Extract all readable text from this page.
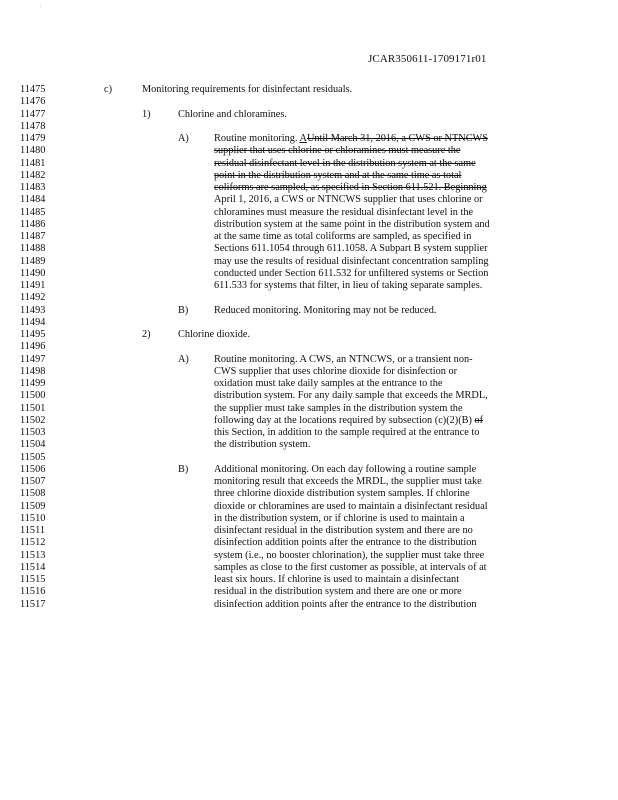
'
JCAR350611-1709171r01
11475	c)	Monitoring requirements for disinfectant residuals.
11476
11477	1)	Chlorine and chloramines.
11478
11479	A) Routine monitoring. AUntil March 31, 2016, a CWS or NTNCWS
11480	supplier that uses chlorine or chloramines must measure the
11481	residual disinfectant level in the distribution system at the same
11482	point in the distribution system and at the same time as total
11483	coliforms are sampled, as specified in Section 611.521. Beginning
11484	April 1, 2016, a CWS or NTNCWS supplier that uses chlorine or
11485	chloramines must measure the residual disinfectant level in the
11486	distribution system at the same point in the distribution system and
11487	at the same time as total coliforms are sampled, as specified in
11488	Sections 611.1054 through 611.1058. A Subpart B system supplier
11489	may use the results of residual disinfectant concentration sampling
11490	conducted under Section 611.532 for unfiltered systems or Section
11491	611.533 for systems that filter, in lieu of taking separate samples.
11492
11493	B) Reduced monitoring. Monitoring may not be reduced.
11494
11495	2)	Chlorine dioxide.
11496
11497	A) Routine monitoring. A CWS, an NTNCWS, or a transient non-
11498	CWS supplier that uses chlorine dioxide for disinfection or
11499	oxidation must take daily samples at the entrance to the
11500	distribution system. For any daily sample that exceeds the MRDL,
11501	the supplier must take samples in the distribution system the
11502	following day at the locations required by subsection (c)(2)(B) of
11503	this Section, in addition to the sample required at the entrance to
11504	the distribution system.
11505
11506	B) Additional monitoring. On each day following a routine sample
11507	monitoring result that exceeds the MRDL, the supplier must take
11508	three chlorine dioxide distribution system samples. If chlorine
11509	dioxide or chloramines are used to maintain a disinfectant residual
11510	in the distribution system, or if chlorine is used to maintain a
11511	disinfectant residual in the distribution system and there are no
11512	disinfection addition points after the entrance to the distribution
11513	system (i.e., no booster chlorination), the supplier must take three
11514	samples as close to the first customer as possible, at intervals of at
11515	least six hours. If chlorine is used to maintain a disinfectant
11516	residual in the distribution system and there are one or more
11517	disinfection addition points after the entrance to the distribution
